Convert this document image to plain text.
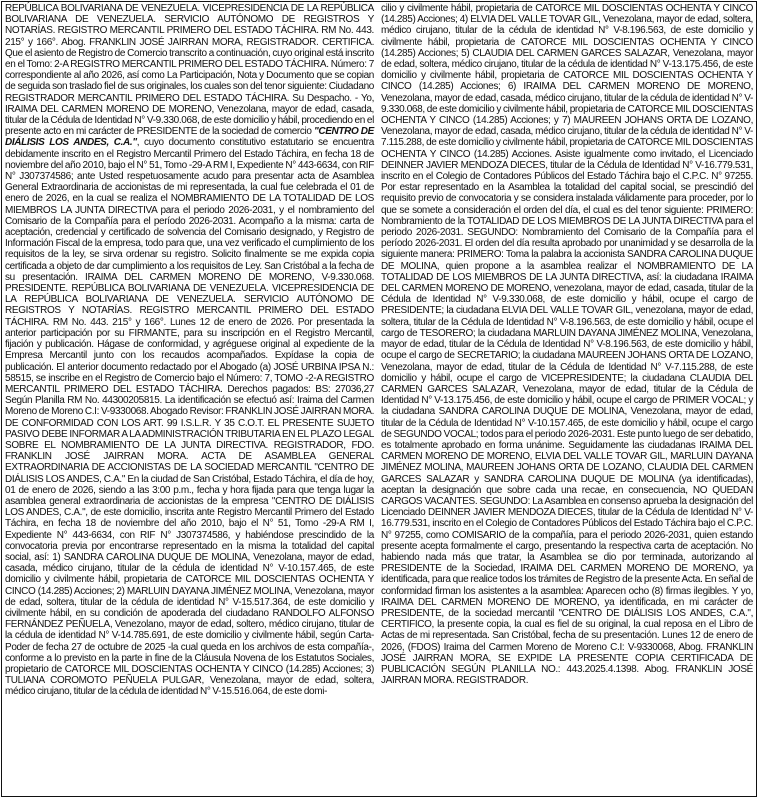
REPÚBLICA BOLIVARIANA DE VENEZUELA. VICEPRESIDENCIA DE LA REPÚBLICA BOLIVARIANA DE VENEZUELA. SERVICIO AUTÓNOMO DE REGISTROS Y NOTARÍAS. REGISTRO MERCANTIL PRIMERO DEL ESTADO TÁCHIRA. RM No. 443. 215° y 166°. Abog. FRANKLIN JOSÉ JAIRRAN MORA, REGISTRADOR. CERTIFICA. Que el asiento de Registro de Comercio transcrito a continuación, cuyo original está inscrito en el Tomo: 2-A REGISTRO MERCANTIL PRIMERO DEL ESTADO TÁCHIRA. Número: 7 correspondiente al año 2026, así como La Participación, Nota y Documento que se copian de seguida son traslado fiel de sus originales, los cuales son del tenor siguiente: Ciudadano REGISTRADOR MERCANTIL PRIMERO DEL ESTADO TÁCHIRA. Su Despacho. - Yo, IRAIMA DEL CARMEN MORENO DE MORENO, Venezolana, mayor de edad, casada, titular de la Cédula de Identidad N° V-9.330.068, de este domicilio y hábil, procediendo en el presente acto en mi carácter de PRESIDENTE de la sociedad de comercio "CENTRO DE DIÁLISIS LOS ANDES, C.A.", cuyo documento constitutivo estatutario se encuentra debidamente inscrito en el Registro Mercantil Primero del Estado Táchira, en fecha 18 de noviembre del año 2010, bajo el N° 51, Tomo -29-A RM I, Expediente N° 443-6634, con RIF N° J307374586; ante Usted respetuosamente acudo para presentar acta de Asamblea General Extraordinaria de accionistas de mi representada, la cual fue celebrada el 01 de enero de 2026, en la cual se realiza el NOMBRAMIENTO DE LA TOTALIDAD DE LOS MIEMBROS LA JUNTA DIRECTIVA para el periodo 2026-2031, y el nombramiento del Comisario de la Compañía para el período 2026-2031. Acompaño a la misma: carta de aceptación, credencial y certificado de solvencia del Comisario designado, y Registro de Información Fiscal de la empresa, todo para que, una vez verificado el cumplimiento de los requisitos de la ley, se sirva ordenar su registro. Solicito finalmente se me expida copia certificada a objeto de dar cumplimiento a los requisitos de Ley. San Cristóbal a la fecha de su presentación. IRAIMA DEL CARMEN MORENO DE MORENO, V-9.330.068. PRESIDENTE. REPÚBLICA BOLIVARIANA DE VENEZUELA. VICEPRESIDENCIA DE LA REPÚBLICA BOLIVARIANA DE VENEZUELA. SERVICIO AUTÓNOMO DE REGISTROS Y NOTARÍAS. REGISTRO MERCANTIL PRIMERO DEL ESTADO TÁCHIRA. RM No. 443. 215° y 166°. Lunes 12 de enero de 2026. Por presentada la anterior participación por su FIRMANTE, para su inscripción en el Registro Mercantil, fijación y publicación. Hágase de conformidad, y agréguese original al expediente de la Empresa Mercantil junto con los recaudos acompañados. Expídase la copia de publicación. El anterior documento redactado por el Abogado (a) JOSÉ URBINA IPSA N.: 58515, se inscribe en el Registro de Comercio bajo el Número: 7, TOMO -2-A REGISTRO MERCANTIL PRIMERO DEL ESTADO TÁCHIRA. Derechos pagados: BS: 27036,27 Según Planilla RM No. 44300205815. La identificación se efectuó así: Iraima del Carmen Moreno de Moreno C.I: V-9330068. Abogado Revisor: FRANKLIN JOSÉ JAIRRAN MORA. DE CONFORMIDAD CON LOS ART. 99 I.S.L.R. Y 35 C.O.T. EL PRESENTE SUJETO PASIVO DEBE INFORMAR A LA ADMINISTRACIÓN TRIBUTARIA EN EL PLAZO LEGAL SOBRE EL NOMBRAMIENTO DE LA JUNTA DIRECTIVA. REGISTRADOR, FDO. FRANKLIN JOSÉ JAIRRAN MORA. ACTA DE ASAMBLEA GENERAL EXTRAORDINARIA DE ACCIONISTAS DE LA SOCIEDAD MERCANTIL "CENTRO DE DIÁLISIS LOS ANDES, C.A." En la ciudad de San Cristóbal, Estado Táchira, el día de hoy, 01 de enero de 2026, siendo a las 3:00 p.m., fecha y hora fijada para que tenga lugar la asamblea general extraordinaria de accionistas de la empresa "CENTRO DE DIÁLISIS LOS ANDES, C.A.", de este domicilio, inscrita ante Registro Mercantil Primero del Estado Táchira, en fecha 18 de noviembre del año 2010, bajo el N° 51, Tomo -29-A RM I, Expediente N° 443-6634, con RIF N° J307374586, y habiéndose prescindido de la convocatoria previa por encontrarse representado en la misma la totalidad del capital social, así: 1) SANDRA CAROLINA DUQUE DE MOLINA, Venezolana, mayor de edad, casada, médico cirujano, titular de la cédula de identidad N° V-10.157.465, de este domicilio y civilmente hábil, propietaria de CATORCE MIL DOSCIENTAS OCHENTA Y CINCO (14.285) Acciones; 2) MARLUIN DAYANA JIMÉNEZ MOLINA, Venezolana, mayor de edad, soltera, titular de la cédula de identidad N° V-15.517.364, de este domicilio y civilmente hábil, en su condición de apoderada del ciudadano RANDOLFO ALFONSO FERNÁNDEZ PEÑUELA, Venezolano, mayor de edad, soltero, médico cirujano, titular de la cédula de identidad N° V-14.785.691, de este domicilio y civilmente hábil, según Carta-Poder de fecha 27 de octubre de 2025 -la cual queda en los archivos de esta compañía-, conforme a lo previsto en la parte in fine de la Cláusula Novena de los Estatutos Sociales, propietario de CATORCE MIL DOSCIENTAS OCHENTA Y CINCO (14.285) Acciones; 3) TULIANA COROMOTO PEÑUELA PULGAR, Venezolana, mayor de edad, soltera, médico cirujano, titular de la cédula de identidad N° V-15.516.064, de este domi-

cilio y civilmente hábil, propietaria de CATORCE MIL DOSCIENTAS OCHENTA Y CINCO (14.285) Acciones; 4) ELVIA DEL VALLE TOVAR GIL, Venezolana, mayor de edad, soltera, médico cirujano, titular de la cédula de identidad N° V-8.196.563, de este domicilio y civilmente hábil, propietaria de CATORCE MIL DOSCIENTAS OCHENTA Y CINCO (14.285) Acciones; 5) CLAUDIA DEL CARMEN GARCES SALAZAR, Venezolana, mayor de edad, soltera, médico cirujano, titular de la cédula de identidad N° V-13.175.456, de este domicilio y civilmente hábil, propietaria de CATORCE MIL DOSCIENTAS OCHENTA Y CINCO (14.285) Acciones; 6) IRAIMA DEL CARMEN MORENO DE MORENO, Venezolana, mayor de edad, casada, médico cirujano, titular de la cédula de identidad N° V-9.330.068, de este domicilio y civilmente hábil, propietaria de CATORCE MIL DOSCIENTAS OCHENTA Y CINCO (14.285) Acciones; y 7) MAUREEN JOHANS ORTA DE LOZANO, Venezolana, mayor de edad, casada, médico cirujano, titular de la cédula de identidad N° V-7.115.288, de este domicilio y civilmente hábil, propietaria de CATORCE MIL DOSCIENTAS OCHENTA Y CINCO (14.285) Acciones. Asiste igualmente como invitado, el Licenciado DEINNER JAVIER MENDOZA DIECES, titular de la Cédula de Identidad N° V-16.779.531, inscrito en el Colegio de Contadores Públicos del Estado Táchira bajo el C.P.C. N° 97255. Por estar representado en la Asamblea la totalidad del capital social, se prescindió del requisito previo de convocatoria y se considera instalada válidamente para proceder, por lo que se somete a consideración el orden del día, el cual es del tenor siguiente: PRIMERO: Nombramiento de la TOTALIDAD DE LOS MIEMBROS DE LA JUNTA DIRECTIVA para el periodo 2026-2031. SEGUNDO: Nombramiento del Comisario de la Compañía para el período 2026-2031. El orden del día resulta aprobado por unanimidad y se desarrolla de la siguiente manera: PRIMERO: Toma la palabra la accionista SANDRA CAROLINA DUQUE DE MOLINA, quien propone a la asamblea realizar el NOMBRAMIENTO DE LA TOTALIDAD DE LOS MIEMBROS DE LA JUNTA DIRECTIVA, así: la ciudadana IRAIMA DEL CARMEN MORENO DE MORENO, venezolana, mayor de edad, casada, titular de la Cédula de Identidad N° V-9.330.068, de este domicilio y hábil, ocupe el cargo de PRESIDENTE; la ciudadana ELVIA DEL VALLE TOVAR GIL, venezolana, mayor de edad, soltera, titular de la Cédula de Identidad N° V-8.196.563, de este domicilio y hábil, ocupe el cargo de TESORERO; la ciudadana MARLUIN DAYANA JIMÉNEZ MOLINA, Venezolana, mayor de edad, titular de la Cédula de Identidad N° V-8.196.563, de este domicilio y hábil, ocupe el cargo de SECRETARIO; la ciudadana MAUREEN JOHANS ORTA DE LOZANO, Venezolana, mayor de edad, titular de la Cédula de Identidad N° V-7.115.288, de este domicilio y hábil, ocupe el cargo de VICEPRESIDENTE; la ciudadana CLAUDIA DEL CARMEN GARCES SALAZAR, Venezolana, mayor de edad, titular de la Cédula de Identidad N° V-13.175.456, de este domicilio y hábil, ocupe el cargo de PRIMER VOCAL; y la ciudadana SANDRA CAROLINA DUQUE DE MOLINA, Venezolana, mayor de edad, titular de la Cédula de Identidad N° V-10.157.465, de este domicilio y hábil, ocupe el cargo de SEGUNDO VOCAL; todos para el periodo 2026-2031. Este punto luego de ser debatido, es totalmente aprobado en forma unánime. Seguidamente las ciudadanas IRAIMA DEL CARMEN MORENO DE MORENO, ELVIA DEL VALLE TOVAR GIL, MARLUIN DAYANA JIMÉNEZ MOLINA, MAUREEN JOHANS ORTA DE LOZANO, CLAUDIA DEL CARMEN GARCES SALAZAR y SANDRA CAROLINA DUQUE DE MOLINA (ya identificadas), aceptan la designación que sobre cada una recae, en consecuencia, NO QUEDAN CARGOS VACANTES. SEGUNDO: La Asamblea en consenso aprueba la designación del Licenciado DEINNER JAVIER MENDOZA DIECES, titular de la Cédula de Identidad N° V-16.779.531, inscrito en el Colegio de Contadores Públicos del Estado Táchira bajo el C.P.C. N° 97255, como COMISARIO de la compañía, para el periodo 2026-2031, quien estando presente acepta formalmente el cargo, presentando la respectiva carta de aceptación. No habiendo nada más que tratar, la Asamblea se dio por terminada, autorizando al PRESIDENTE de la Sociedad, IRAIMA DEL CARMEN MORENO DE MORENO, ya identificada, para que realice todos los trámites de Registro de la presente Acta. En señal de conformidad firman los asistentes a la asamblea: Aparecen ocho (8) firmas ilegibles. Y yo, IRAIMA DEL CARMEN MORENO DE MORENO, ya identificada, en mi carácter de PRESIDENTE, de la sociedad mercantil "CENTRO DE DIÁLISIS LOS ANDES, C.A.", CERTIFICO, la presente copia, la cual es fiel de su original, la cual reposa en el Libro de Actas de mi representada. San Cristóbal, fecha de su presentación. Lunes 12 de enero de 2026, (FDOS) Iraima del Carmen Moreno de Moreno C.I: V-9330068, Abog. FRANKLIN JOSÉ JAIRRAN MORA, SE EXPIDE LA PRESENTE COPIA CERTIFICADA DE PUBLICACIÓN SEGÚN PLANILLA NO.: 443.2025.4.1398. Abog. FRANKLIN JOSÉ JAIRRAN MORA. REGISTRADOR.
